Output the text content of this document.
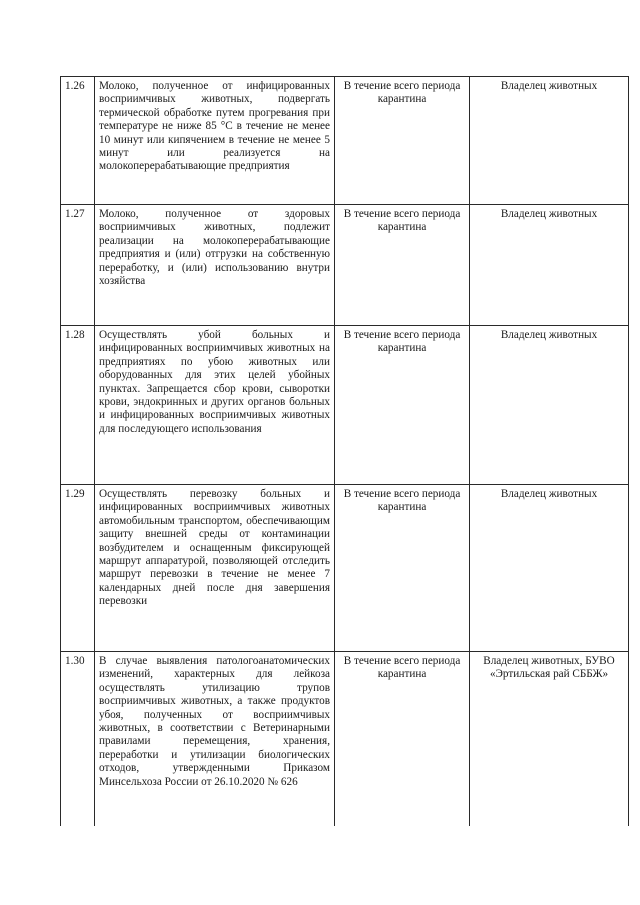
1.26	Молоко, полученное от инфицированных восприимчивых животных, подвергать термической обработке путем прогревания при температуре не ниже 85 °С в течение не менее 10 минут или кипячением в течение не менее 5 минут или реализуется на молокоперерабатывающие предприятия	В течение всего периода карантина	Владелец животных
1.27	Молоко, полученное от здоровых восприимчивых животных, подлежит реализации на молокоперерабатывающие предприятия и (или) отгрузки на собственную переработку, и (или) использованию внутри хозяйства	В течение всего периода карантина	Владелец животных
1.28	Осуществлять убой больных и инфицированных восприимчивых животных на предприятиях по убою животных или оборудованных для этих целей убойных пунктах. Запрещается сбор крови, сыворотки крови, эндокринных и других органов больных и инфицированных восприимчивых животных для последующего использования	В течение всего периода карантина	Владелец животных
1.29	Осуществлять перевозку больных и инфицированных восприимчивых животных автомобильным транспортом, обеспечивающим защиту внешней среды от контаминации возбудителем и оснащенным фиксирующей маршрут аппаратурой, позволяющей отследить маршрут перевозки в течение не менее 7 календарных дней после дня завершения перевозки	В течение всего периода карантина	Владелец животных
1.30	В случае выявления патологоанатомических изменений, характерных для лейкоза осуществлять утилизацию трупов восприимчивых животных, а также продуктов убоя, полученных от восприимчивых животных, в соответствии с Ветеринарными правилами перемещения, хранения, переработки и утилизации биологических отходов, утвержденными Приказом Минсельхоза России от 26.10.2020 № 626	В течение всего периода карантина	Владелец животных, БУВО «Эртильская рай СББЖ»
